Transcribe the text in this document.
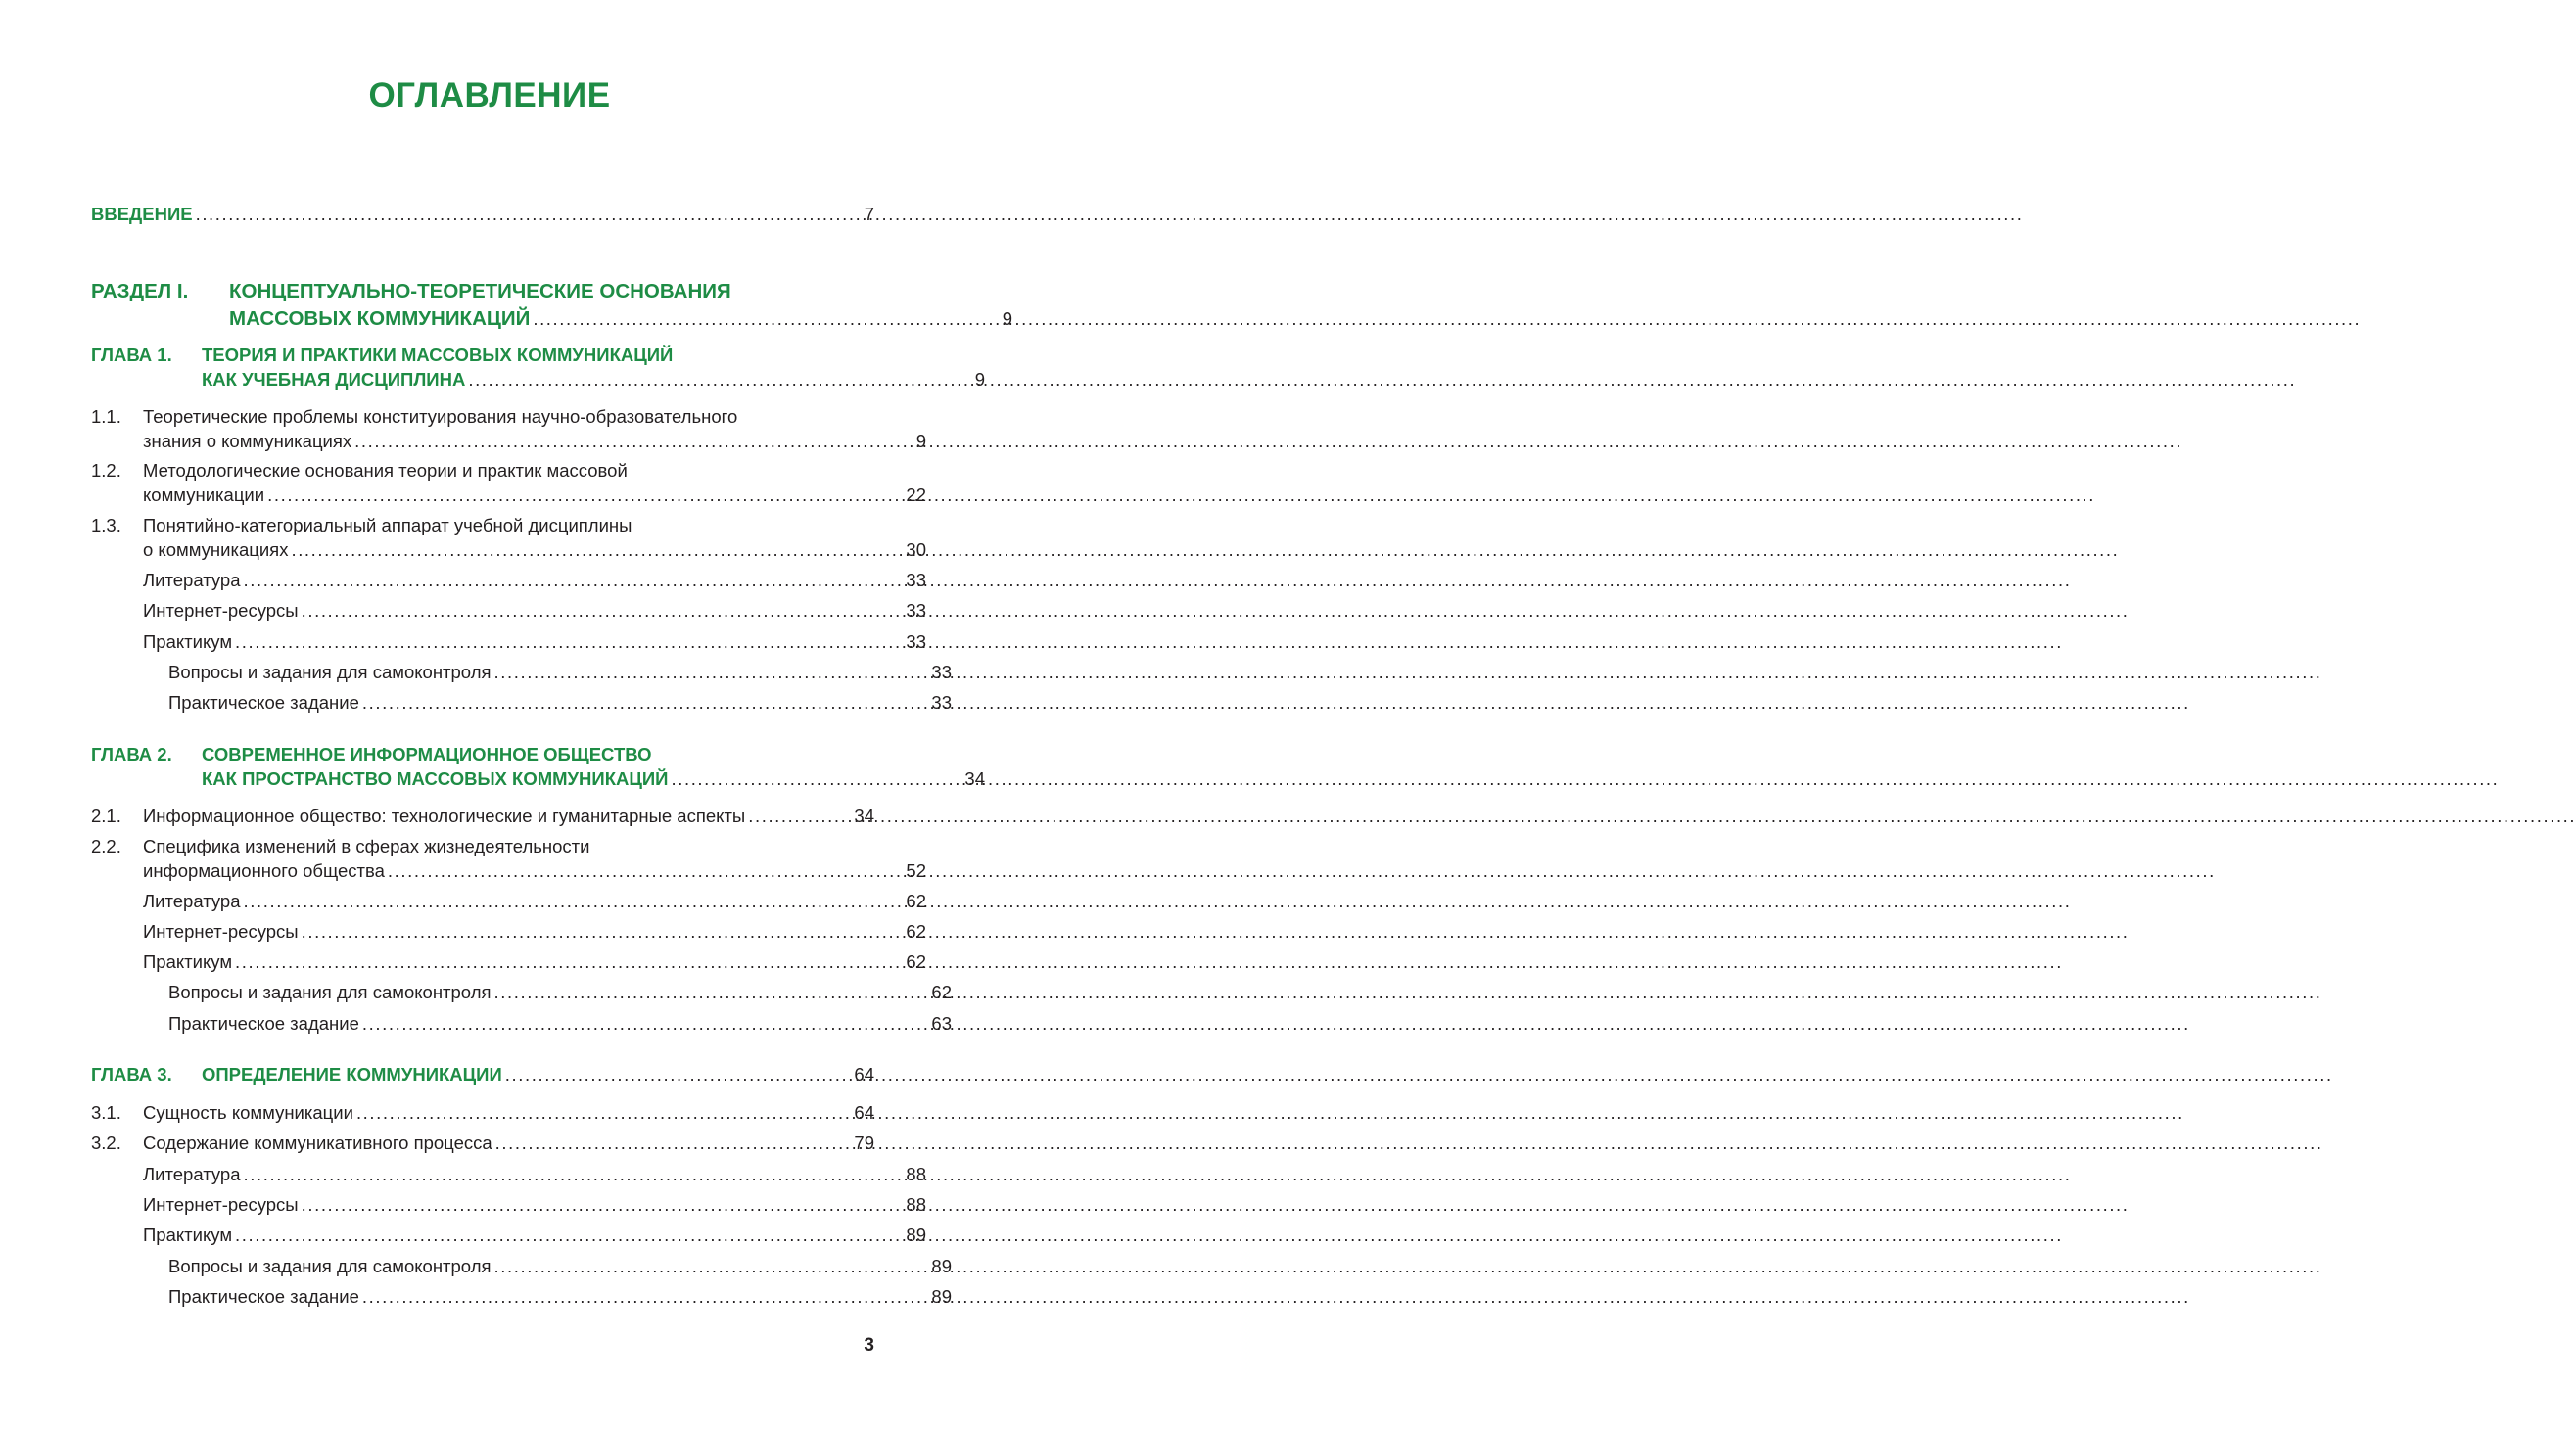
ОГЛАВЛЕНИЕ
ВВЕДЕНИЕ .....	7
РАЗДЕЛ I.	КОНЦЕПТУАЛЬНО-ТЕОРЕТИЧЕСКИЕ ОСНОВАНИЯ
МАССОВЫХ КОММУНИКАЦИЙ .....	9
ГЛАВА 1.	ТЕОРИЯ И ПРАКТИКИ МАССОВЫХ КОММУНИКАЦИЙ
КАК УЧЕБНАЯ ДИСЦИПЛИНА .....	9
1.1.	Теоретические проблемы конституирования научно-образовательного
знания о коммуникациях .....	9
1.2.	Методологические основания теории и практик массовой
коммуникации .....	22
1.3.	Понятийно-категориальный аппарат учебной дисциплины
о коммуникациях .....	30
Литература .....	33
Интернет-ресурсы .....	33
Практикум .....	33
Вопросы и задания для самоконтроля .....	33
Практическое задание .....	33
ГЛАВА 2.	СОВРЕМЕННОЕ ИНФОРМАЦИОННОЕ ОБЩЕСТВО
КАК ПРОСТРАНСТВО МАССОВЫХ КОММУНИКАЦИЙ .....	34
2.1.	Информационное общество: технологические и гуманитарные аспекты .....	34
2.2.	Специфика изменений в сферах жизнедеятельности
информационного общества .....	52
Литература .....	62
Интернет-ресурсы .....	62
Практикум .....	62
Вопросы и задания для самоконтроля .....	62
Практическое задание .....	63
ГЛАВА 3.	ОПРЕДЕЛЕНИЕ КОММУНИКАЦИИ .....	64
3.1.	Сущность коммуникации .....	64
3.2.	Содержание коммуникативного процесса .....	79
Литература .....	88
Интернет-ресурсы .....	88
Практикум .....	89
Вопросы и задания для самоконтроля .....	89
Практическое задание .....	89
3
